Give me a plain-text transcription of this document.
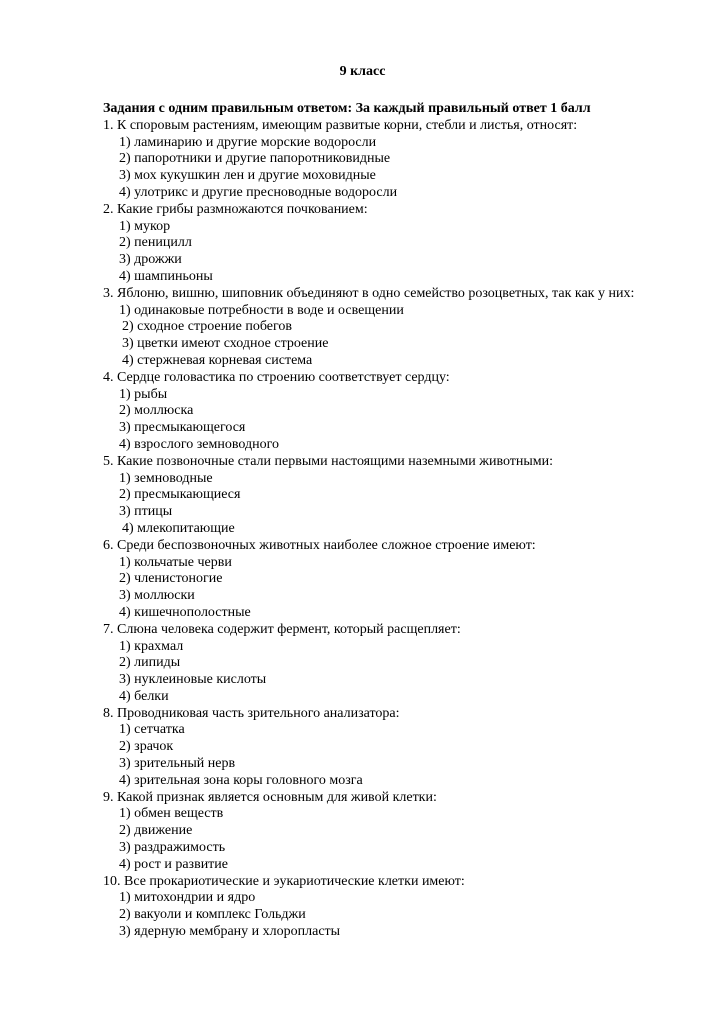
9 класс
Задания с одним правильным ответом: За каждый правильный ответ 1 балл
1. К споровым растениям, имеющим развитые корни, стебли и листья, относят:
1) ламинарию и другие морские водоросли
2) папоротники и другие папоротниковидные
3) мох кукушкин лен и другие моховидные
4) улотрикс и другие пресноводные водоросли
2. Какие грибы размножаются почкованием:
1) мукор
2) пеницилл
3) дрожжи
4) шампиньоны
3. Яблоню, вишню, шиповник объединяют в одно семейство розоцветных, так как у них:
1) одинаковые потребности в воде и освещении
2) сходное строение побегов
3) цветки имеют сходное строение
4) стержневая корневая система
4. Сердце головастика по строению соответствует сердцу:
1) рыбы
2) моллюска
3) пресмыкающегося
4) взрослого земноводного
5. Какие позвоночные стали первыми настоящими наземными животными:
1) земноводные
2) пресмыкающиеся
3) птицы
4) млекопитающие
6. Среди беспозвоночных животных наиболее сложное строение имеют:
1) кольчатые черви
2) членистоногие
3) моллюски
4) кишечнополостные
7. Слюна человека содержит фермент, который расщепляет:
1) крахмал
2) липиды
3) нуклеиновые кислоты
4) белки
8. Проводниковая часть зрительного анализатора:
1) сетчатка
2) зрачок
3) зрительный нерв
4) зрительная зона коры головного мозга
9. Какой признак является основным для живой клетки:
1) обмен веществ
2) движение
3) раздражимость
4) рост и развитие
10. Все прокариотические и эукариотические клетки имеют:
1) митохондрии и ядро
2) вакуоли и комплекс Гольджи
3) ядерную мембрану и хлоропласты
